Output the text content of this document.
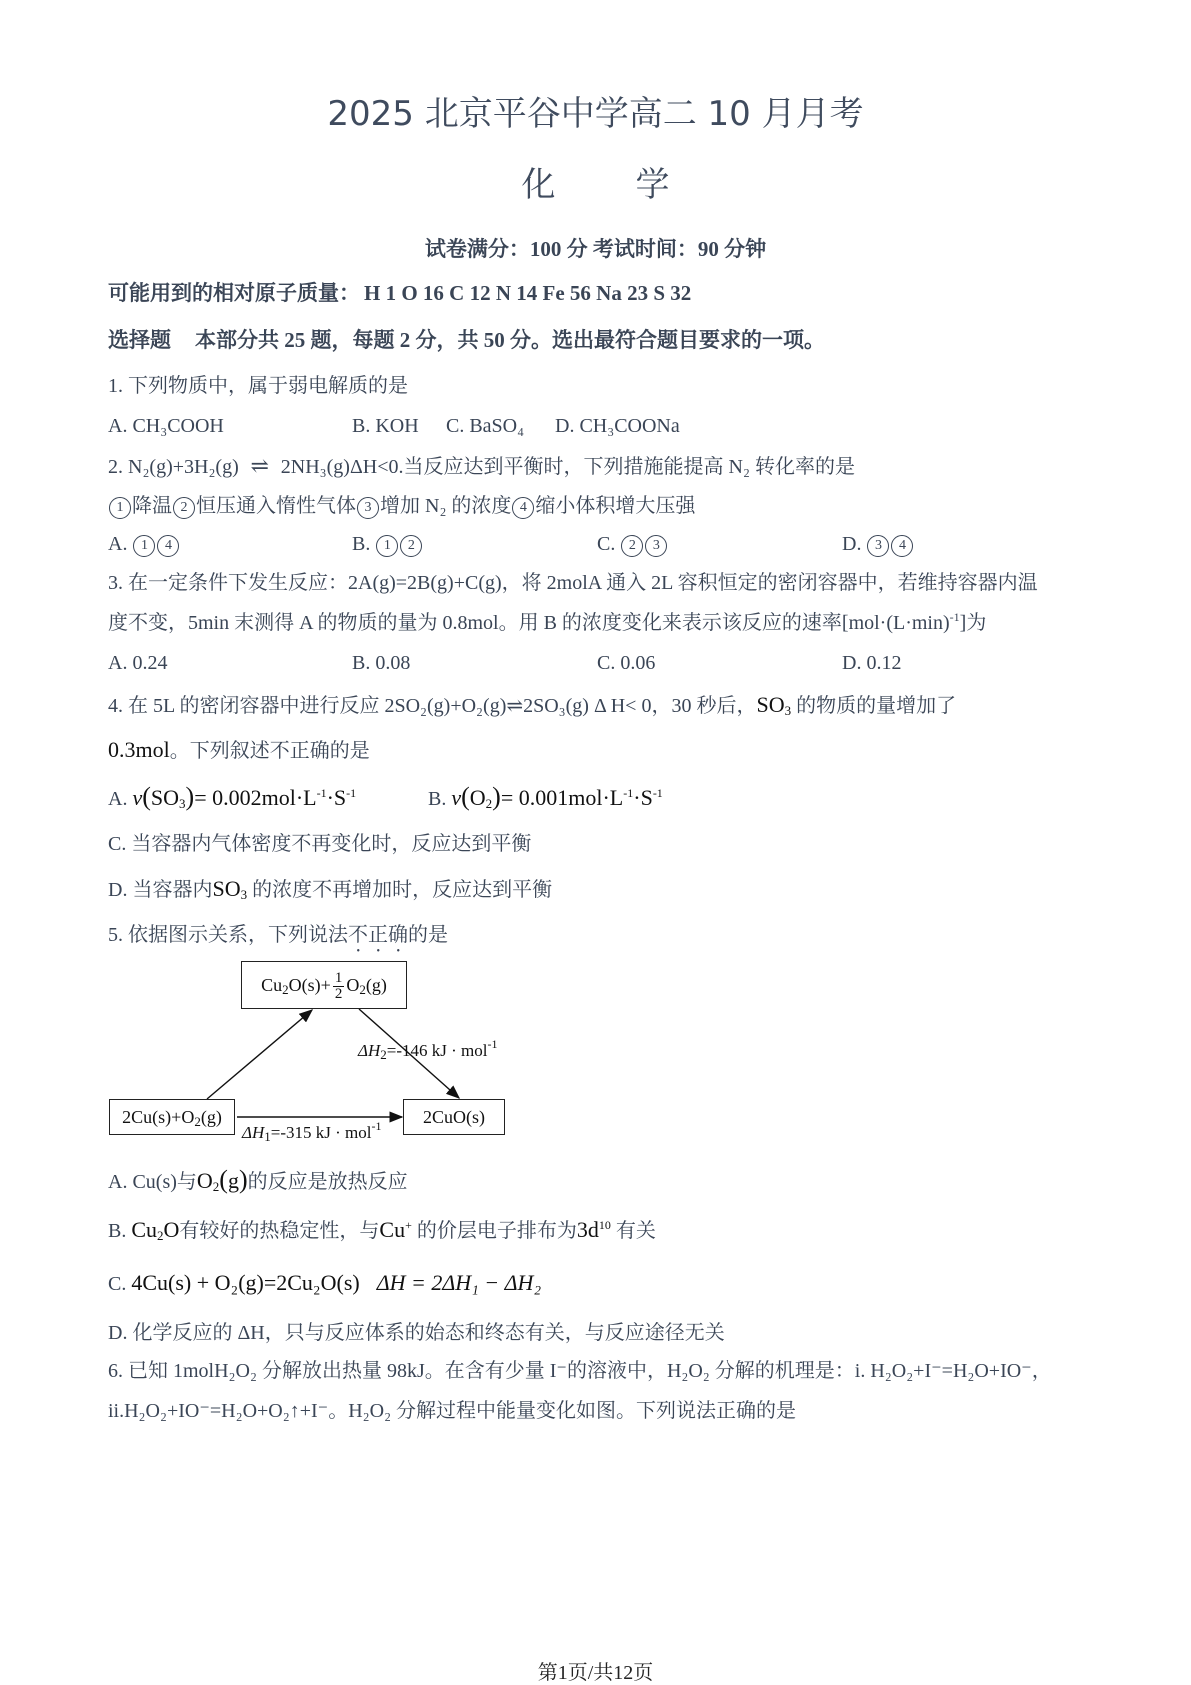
2025 北京平谷中学高二 10 月月考
化 学
试卷满分：100 分 考试时间：90 分钟
可能用到的相对原子质量： H 1 O 16 C 12 N 14 Fe 56 Na 23 S 32
选择题 本部分共 25 题，每题 2 分，共 50 分。选出最符合题目要求的一项。
1. 下列物质中，属于弱电解质的是
A. CH₃COOH	B. KOH C. BaSO₄ D. CH₃COONa
2. N₂(g)+3H₂(g) ⇌ 2NH₃(g)ΔH<0.当反应达到平衡时，下列措施能提高 N₂ 转化率的是
1 降温 2 恒压通入惰性气体 3 增加 N₂ 的浓度 4 缩小体积增大压强
A. 1 4	B. 1 2	C. 2 3	D. 3 4
3. 在一定条件下发生反应：2A(g)=2B(g)+C(g)，将 2molA 通入 2L 容积恒定的密闭容器中，若维持容器内温
度不变，5min 末测得 A 的物质的量为 0.8mol。用 B 的浓度变化来表示该反应的速率$[mol\cdot(L\cdot\min)^{-1}]$为
A. 0.24	B. 0.08	C. 0.06	D. 0.12
4. 在 5L 的密闭容器中进行反应 2SO₂(g)+O₂(g)⇌2SO₃(g) Δ H< 0，30 秒后，$SO_3$ 的物质的量增加了
0.3mol。下列叙述不正确的是
A. $v(SO_3)= 0.002mol\cdot L^{-1}\cdot S^{-1}$	B. $v(O_2)= 0.001mol\cdot L^{-1}\cdot S^{-1}$
C. 当容器内气体密度不再变化时，反应达到平衡
D. 当容器内$SO_3$ 的浓度不再增加时，反应达到平衡
5. 依据图示关系，下列说法不正确的是
$Cu_2O(s)+ \frac{1}{2} O_2(g)$
$2Cu(s)+O_2(g)$	2CuO(s)
$\Delta H_2=-146$ kJ · mol$^{-1}$
$\Delta H_1=-315$ kJ · mol$^{-1}$
A. Cu(s)与$O_2(g)$的反应是放热反应
B. $Cu_2O$有较好的热稳定性，与Cu+ 的价层电子排布为$3d^{10}$ 有关
C. 4Cu(s) + O₂(g)=2Cu₂O(s) ΔH = 2ΔH₁ − ΔH₂
D. 化学反应的 ΔH，只与反应体系的始态和终态有关，与反应途径无关
6. 已知 1molH₂O₂ 分解放出热量 98kJ。在含有少量 I⁻的溶液中，H₂O₂ 分解的机理是：i. H₂O₂+I⁻=H₂O+IO⁻，
ii.H₂O₂+IO⁻=H₂O+O₂↑+I⁻。H₂O₂ 分解过程中能量变化如图。下列说法正确的是
第1页/共12页
